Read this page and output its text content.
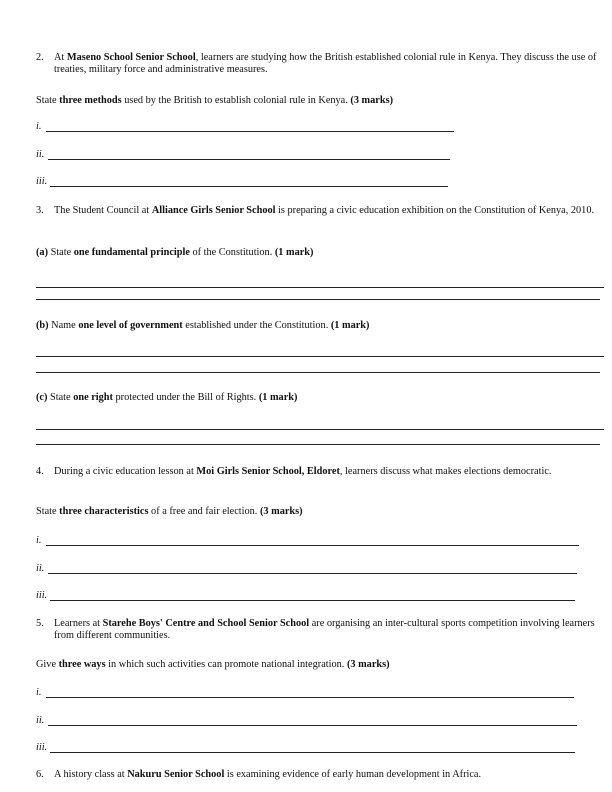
2. At Maseno School Senior School, learners are studying how the British established colonial rule in Kenya. They discuss the use of treaties, military force and administrative measures.
State three methods used by the British to establish colonial rule in Kenya. (3 marks)
i.
ii.
iii.
3. The Student Council at Alliance Girls Senior School is preparing a civic education exhibition on the Constitution of Kenya, 2010.
(a) State one fundamental principle of the Constitution. (1 mark)
(b) Name one level of government established under the Constitution. (1 mark)
(c) State one right protected under the Bill of Rights. (1 mark)
4. During a civic education lesson at Moi Girls Senior School, Eldoret, learners discuss what makes elections democratic.
State three characteristics of a free and fair election. (3 marks)
i.
ii.
iii.
5. Learners at Starehe Boys' Centre and School Senior School are organising an inter-cultural sports competition involving learners from different communities.
Give three ways in which such activities can promote national integration. (3 marks)
i.
ii.
iii.
6. A history class at Nakuru Senior School is examining evidence of early human development in Africa.
